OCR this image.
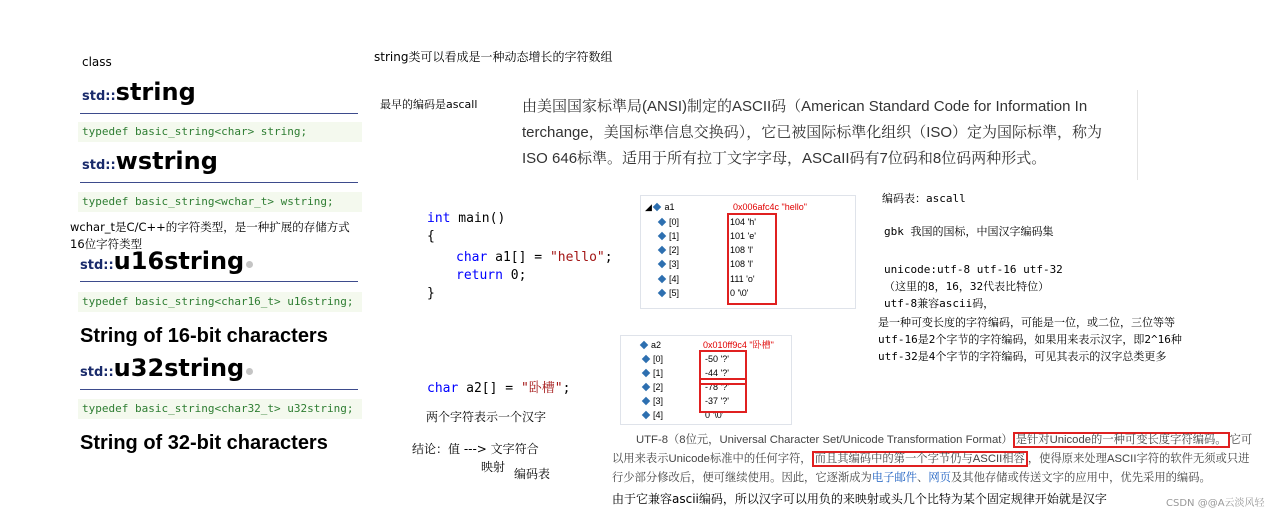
class
std::string
typedef basic_string<char> string;
std::wstring
typedef basic_string<wchar_t> wstring;
wchar_t是C/C++的字符类型，是一种扩展的存储方式
16位字符类型
std::u16string
typedef basic_string<char16_t> u16string;
String of 16-bit characters
std::u32string
typedef basic_string<char32_t> u32string;
String of 32-bit characters
string类可以看成是一种动态增长的字符数组
最早的编码是ascall	由美国国家标準局(ANSI)制定的ASCII码（American Standard Code for Information In
terchange，美国标準信息交换码），它已被国际标準化组织（ISO）定为国际标準，称为
ISO 646标準。适用于所有拉丁文字字母，ASCaII码有7位码和8位码两种形式。
int main()
{
char a1[] = "hello";
return 0;
}
char a2[] = "卧槽";
两个字符表示一个汉字
结论：值 ---> 文字符合
映射 编码表
◢ a1	0x006afc4c "hello"
[0]	104 'h'
[1]	101 'e'
[2]	108 'l'
[3]	108 'l'
[4]	111 'o'
[5]	0 '\0'
a2	0x010ff9c4 "卧槽"
[0]	-50 '?'
[1]	-44 '?'
[2]	-78 '?'
[3]	-37 '?'
[4]	0 '\0'
编码表：ascall
gbk 我国的国标，中国汉字编码集
unicode:utf-8 utf-16 utf-32
（这里的8，16，32代表比特位）
utf-8兼容ascii码，
是一种可变长度的字符编码，可能是一位，或二位，三位等等
utf-16是2个字节的字符编码，如果用来表示汉字，即2^16种
utf-32是4个字节的字符编码，可见其表示的汉字总类更多
UTF-8（8位元，Universal Character Set/Unicode Transformation Format） 是针对Unicode的一种可变长度字符编码。 它可
以用来表示Unicode标准中的任何字符， 而且其编码中的第一个字节仍与ASCII相容 ，使得原来处理ASCII字符的软件无须或只进
行少部分修改后，便可继续使用。因此，它逐渐成为电子邮件、网页及其他存储或传送文字的应用中，优先采用的编码。
由于它兼容ascii编码，所以汉字可以用负的来映射或头几个比特为某个固定规律开始就是汉字	CSDN @@A云淡风轻
